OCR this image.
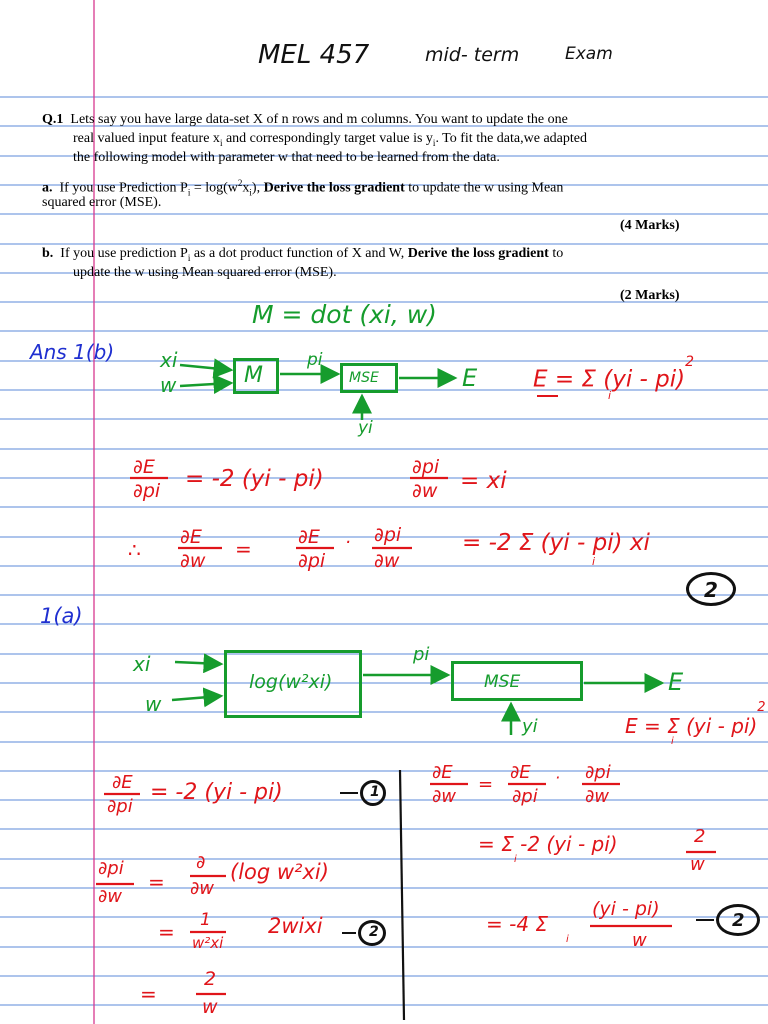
MEL 457	mid- term	Exam
Q.1 Lets say you have large data-set X of n rows and m columns. You want to update the one
real valued input feature $x_i$ and correspondingly target value is $y_i$. To fit the data,we adapted
the following model with parameter w that need to be learned from the data.
a. If you use Prediction $P_i = \log(w^2x_i)$, Derive the loss gradient to update the w using Mean
squared error (MSE).
(4 Marks)
b. If you use prediction $P_i$ as a dot product function of X and W, Derive the loss gradient to
update the w using Mean squared error (MSE).
(2 Marks)
M = dot (xi, w)
Ans 1(b) xi
w	M
pi
MSE
yi
E E = Σ (yi - pi)$^2$
i
∂E
∂pi = -2 (yi - pi)	∂pi
∂w = xi
∴
∂E
∂w = ∂E
∂pi
· ∂pi
∂w
= -2 Σ (yi - pi) xi
i
2
1(a)
xi
w
log(w²xi)
pi
MSE
yi
E
E = Σ (yi - pi)$^2$
i
∂E
∂pi
= -2 (yi - pi)	1
∂pi
∂w
=
∂
∂w
(log w²xi)
= 1
w²xi
2wixi	2
=
2
w
∂E
∂w
=
∂E
∂pi
· ∂pi
∂w
= Σ -2 (yi - pi)
i
2
w
= -4 Σ
i
(yi - pi)
w
2
